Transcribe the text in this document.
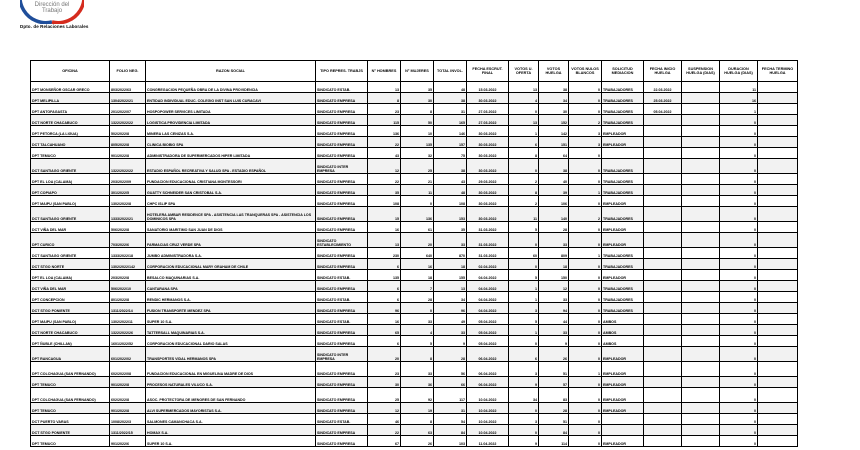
Dirección del
Trabajo
Dpto. de Relaciones Laborales
OFICINA	FOLIO NEG.	RAZON SOCIAL	TIPO REPRES. TRABJS	N° HOMBRES	N° MUJERES	TOTAL INVOL.	FECHA ESCRUT. FINAL	VOTOS U. OFERTA	VOTOS HUELGA	VOTOS NULOS BLANCOS	SOLICITUD MEDIACION	FECHA INICIO HUELGA	SUSPENSION HUELGA (DIAS)	DURACION HUELGA (DIAS)	FECHA TERMINO HUELGA
DPT MONSEÑOR OSCAR GRECO	803/2022/63	CONGREGACION PEQUEÑA OBRA DE LA DIVINA PROVIDENCIA	SINDICATO ESTAB.	13	35	48	15.03.2022	13	38	0	TRABAJADORES	22.03.2022		11	
DPT MELIPILLA	1304/2022/21	ENTIDAD INDIVIDUAL EDUC. COLEGIO INST SAN LUIS CURACAVI	SINDICATO EMPRESA	8	30	38	30.03.2022	4	34	0	TRABAJADORES	25.03.2022		16	
DPT ANTOFAGASTA	201/2022/07	HOSPOPOWER SERVICES LIMITADA	SINDICATO EMPRESA	23	8	31	27.03.2022	0	30	0	TRABAJADORES	05.04.2022		1	
DCT NORTE CHACABUCO	1322/2022/22	LOGISTICA PROVIDENCIA LIMITADA	SINDICATO EMPRESA	115	50	165	27.03.2022	13	152	2	TRABAJADORES			0	
DPT PETORCA (LA LIGUA)	502/2022/8	MINERA LAS CENIZAS S.A.	SINDICATO EMPRESA	136	10	146	30.03.2022	1	142	3	EMPLEADOR			0	
DCT TALCAHUANO	805/2022/8	CLINICA BIOBIO SPA	SINDICATO EMPRESA	22	135	157	30.03.2022	6	151	3	EMPLEADOR			0	
DPT TEMUCO	901/2022/8	ADMINISTRADORA DE SUPERMERCADOS HIPER LIMITADA	SINDICATO EMPRESA	43	32	75	30.03.2022	8	64	0				0	
DCT SANTIAGO ORIENTE	1322/2022/22	ESTADIO ESPAÑOL RECREATIVA Y SALUD SPA - ESTADIO ESPAÑOL	SINDICATO INTER EMPRESA	12	25	38	30.03.2022	0	38	0	TRABAJADORES			0	
DPT EL LOA (CALAMA)	203/2022/09	FUNDACION EDUCACIONAL CRISTIANA MONTESSORI	SINDICATO EMPRESA	22	21	43	29.03.2022	2	40	0	TRABAJADORES			0	
DPT COPIAPO	301/2022/5	GUATTY SCHNEIDER SAN CRISTOBAL S.A.	SINDICATO EMPRESA	35	11	48	30.03.2022	8	39	1	TRABAJADORES			0	
DPT MAIPU (SAN PABLO)	1302/2022/8	CHPC ISLIP SPA	SINDICATO EMPRESA	108	0	108	30.03.2022	2	106	0	EMPLEADOR			0	
DCT SANTIAGO ORIENTE	1333/2022/21	HOTELERA AMBAR RESIDENCE SPA - ASISTENCIA LAS TRANQUERAS SPA - ASISTENCIA LOS DOMINICOS SPA	SINDICATO EMPRESA	15	136	153	30.03.2022	11	140	2	TRABAJADORES			0	
DCT VIÑA DEL MAR	506/2022/8	SANATORIO MARITIMO SAN JUAN DE DIOS	SINDICATO EMPRESA	16	61	35	31.03.2022	5	28	0	EMPLEADOR			0	
DPT CURICO	703/2022/6	FARMACIAS CRUZ VERDE SPA	SINDICATO ESTABLECIMIENTO	13	20	33	31.03.2022	0	33	0	EMPLEADOR			0	
DCT SANTIAGO ORIENTE	1333/2022/18	JUMBO ADMINISTRADORA S.A.	SINDICATO EMPRESA	230	640	870	31.03.2022	60	809	1	TRABAJADORES			0	
DCT STGO NORTE	1302/2022/142	CORPORACION EDUCACIONAL MARY GRAHAM DE CHILE	SINDICATO EMPRESA	6	16	18	02.04.2022	0	18	0	TRABAJADORES			0	
DPT EL LOA (CALAMA)	203/2022/8	BESALCO MAQUINARIAS S.A.	SINDICATO ESTAB.	135	18	155	04.04.2022	5	150	0	EMPLEADOR			0	
DCT VIÑA DEL MAR	506/2022/10	CANTARANA SPA	SINDICATO EMPRESA	6	7	13	04.04.2022	1	12	0	TRABAJADORES			0	
DPT CONCEPCION	801/2022/8	RENDIC HERMANOS S.A.	SINDICATO ESTAB.	6	28	34	04.04.2022	1	33	0	TRABAJADORES			0	
DCT STGO PONIENTE	1311/2022/14	FUSION TRANSPORTE MENDEZ SPA	SINDICATO EMPRESA	96	0	96	04.04.2022	3	94	0	TRABAJADORES			0	
DPT MAIPU (SAN PABLO)	1302/2022/11	SUPER 10 S.A.	SINDICATO ESTAB.	16	33	49	05.04.2022	5	44	0	AMBOS			0	
DCT NORTE CHACABUCO	1322/2022/26	TATTERSALL MAQUINARIAS S.A.	SINDICATO EMPRESA	65	4	33	05.04.2022	1	33	0	AMBOS			0	
DPT ÑUBLE (CHILLAN)	1601/2022/52	CORPORACION EDUCACIONAL DARIO SALAS	SINDICATO EMPRESA	6	5	9	05.04.2022	0	9	0	AMBOS			0	
DPT RANCAGUA	601/2022/02	TRANSPORTES VIDAL HERMANOS SPA	SINDICATO INTER EMPRESA	20	8	28	06.04.2022	6	26	0	EMPLEADOR			0	
DPT COLCHAGUA (SAN FERNANDO)	602/2022/08	FUNDACION EDUCACIONAL EN MIGUELINA MADRE DE DIOS	SINDICATO EMPRESA	23	33	56	06.04.2022	3	51	1	EMPLEADOR			0	
DPT TEMUCO	901/2022/8	PROCESOS NATURALES VILUCO S.A.	SINDICATO EMPRESA	30	36	66	06.04.2022	9	57	0	EMPLEADOR			0	
DPT COLCHAGUA (SAN FERNANDO)	602/2022/8	ASOC. PROTECTORA DE MENORES DE SAN FERNANDO	SINDICATO EMPRESA	25	92	117	10.04.2022	34	83	0	EMPLEADOR			0	
DPT TEMUCO	901/2022/8	ALVI SUPERMERCADOS MAYORISTAS S.A.	SINDICATO EMPRESA	12	19	31	10.04.2022	0	28	0	EMPLEADOR			0	
DCT PUERTO VARAS	1008/2022/3	SALMONES CAMANCHACA S.A.	SINDICATO ESTAB.	46	8	54	10.04.2022	3	51	0				0	
DCT STGO PONIENTE	1311/2022/15	HOMAX S.A.	SINDICATO EMPRESA	22	63	84	10.04.2022	0	84	0				0	
DPT TEMUCO	901/2022/6	SUPER 10 S.A.	SINDICATO EMPRESA	67	26	103	11.04.2022	9	114	0	EMPLEADOR			0	
